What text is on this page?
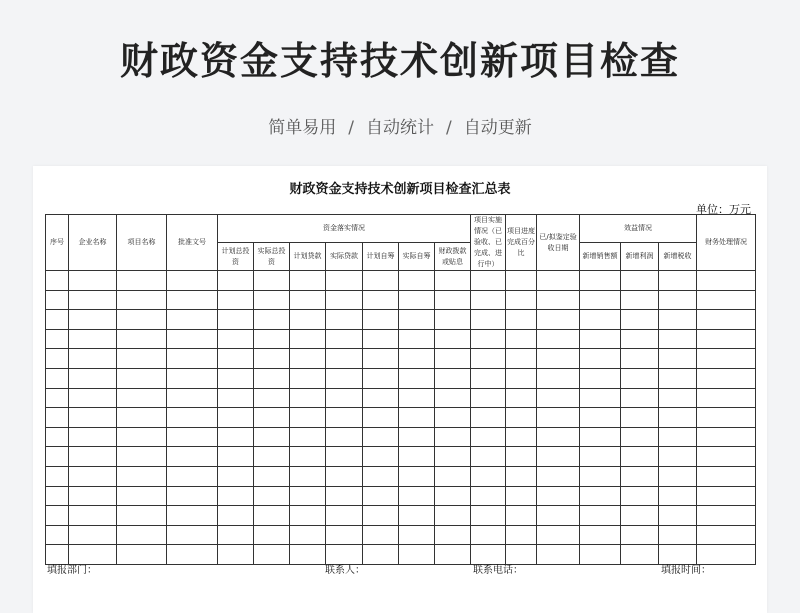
财政资金支持技术创新项目检查
简单易用 / 自动统计 / 自动更新
财政资金支持技术创新项目检查汇总表
单位：万元
序号	企业名称	项目名称	批准文号	资金落实情况							项目实施情况（已验收、已完成、进行中）	项目进度完成百分比	已/拟鉴定验收日期	效益情况			财务处理情况
				计划总投资	实际总投资	计划贷款	实际贷款	计划自筹	实际自筹	财政拨款或贴息				新增销售额	新增利润	新增税收	

填报部门：	联系人：	联系电话：	填报时间：
